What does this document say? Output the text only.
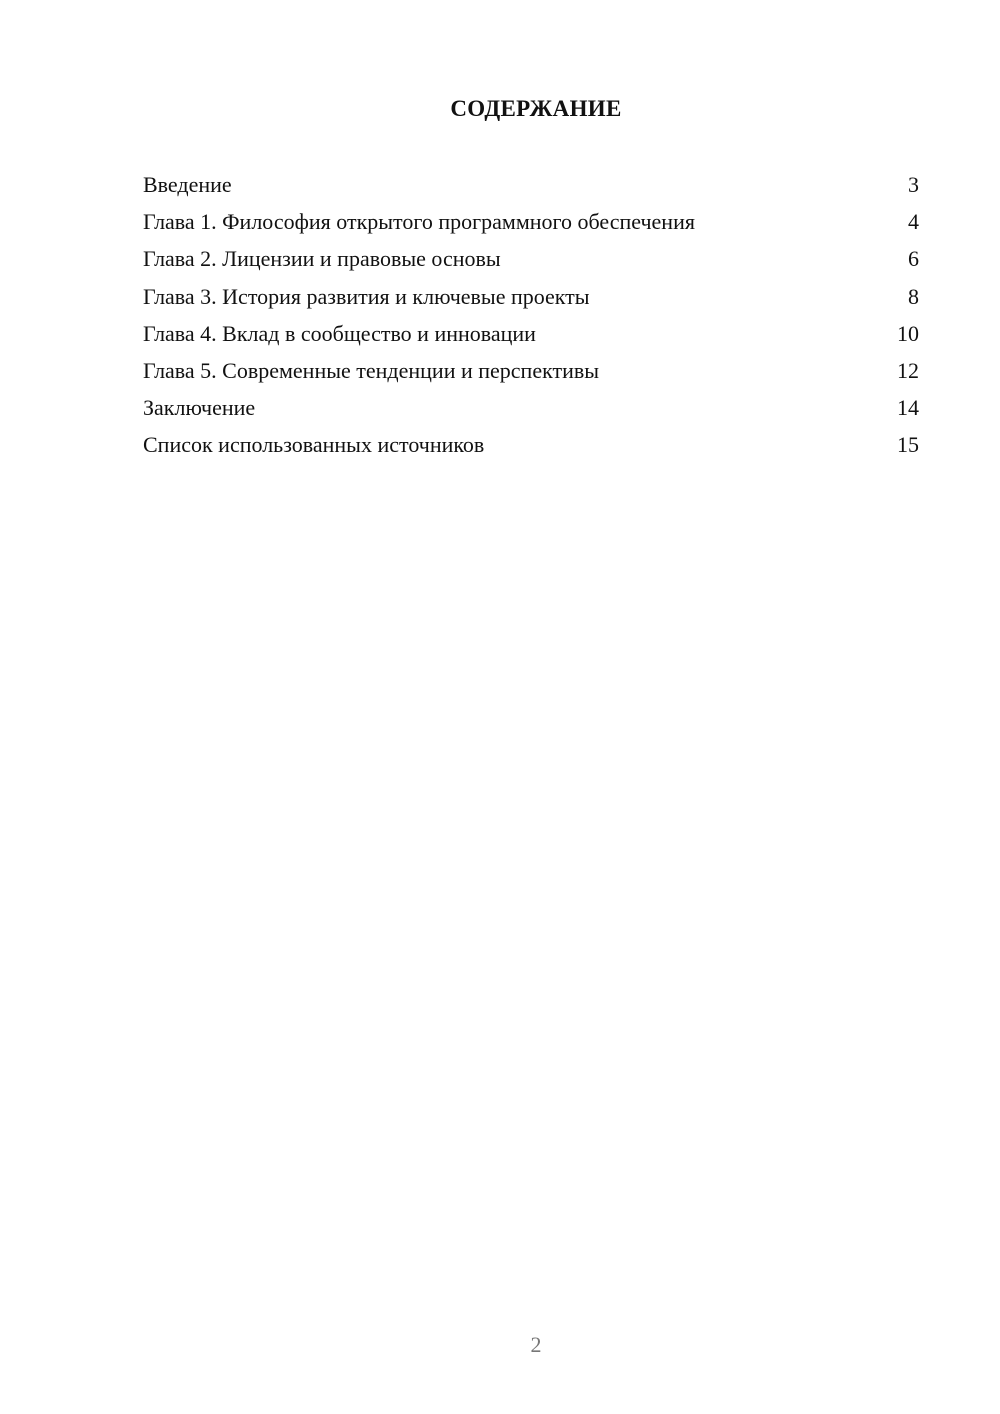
СОДЕРЖАНИЕ
Введение	3
Глава 1. Философия открытого программного обеспечения	4
Глава 2. Лицензии и правовые основы	6
Глава 3. История развития и ключевые проекты	8
Глава 4. Вклад в сообщество и инновации	10
Глава 5. Современные тенденции и перспективы	12
Заключение	14
Список использованных источников	15
2
